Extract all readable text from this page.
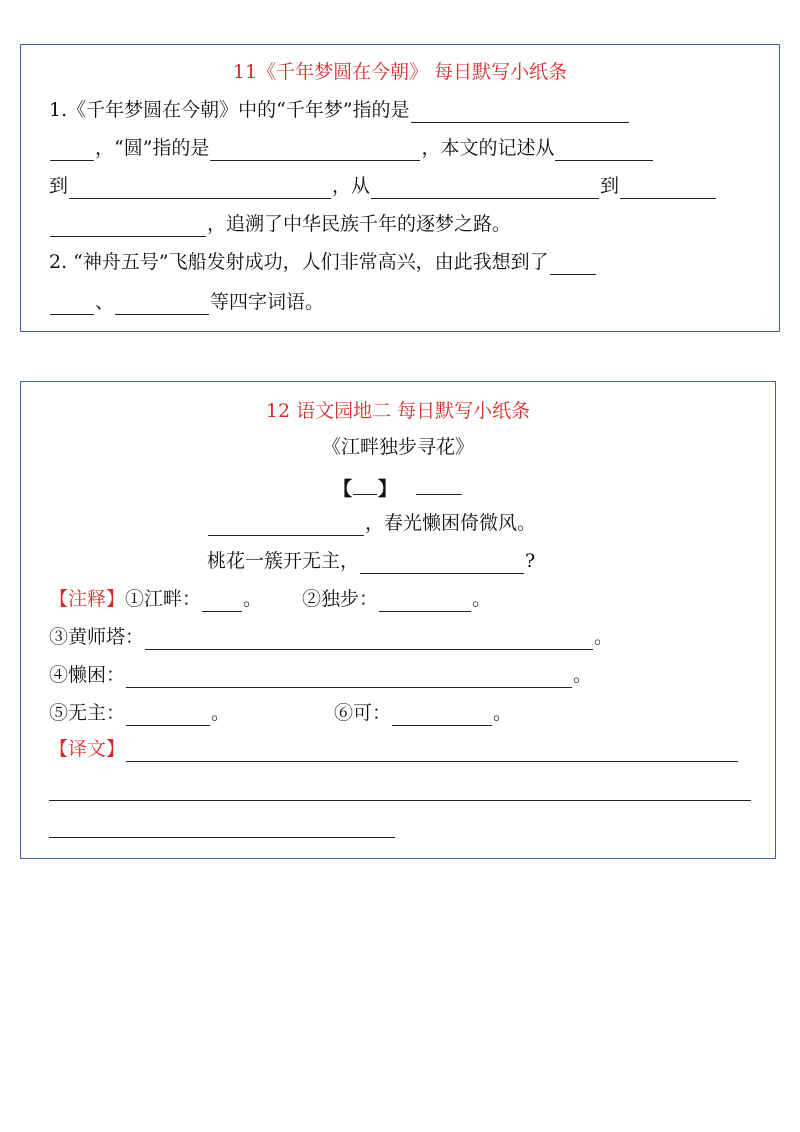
11《千年梦圆在今朝》 每日默写小纸条
1.《千年梦圆在今朝》中的“千年梦”指的是
，“圆”指的是	，本文的记述从
到	，从	到
，追溯了中华民族千年的逐梦之路。
2. “神舟五号”飞船发射成功，人们非常高兴，由此我想到了
、	等四字词语。
12 语文园地二 每日默写小纸条
《江畔独步寻花》
【 】
，春光懒困倚微风。
桃花一簇开无主，	?
【注释】 ①江畔： 。 ②独步：	。
③黄师塔：	。
④懒困：	。
⑤无主：	。	⑥可：	。
【译文】
